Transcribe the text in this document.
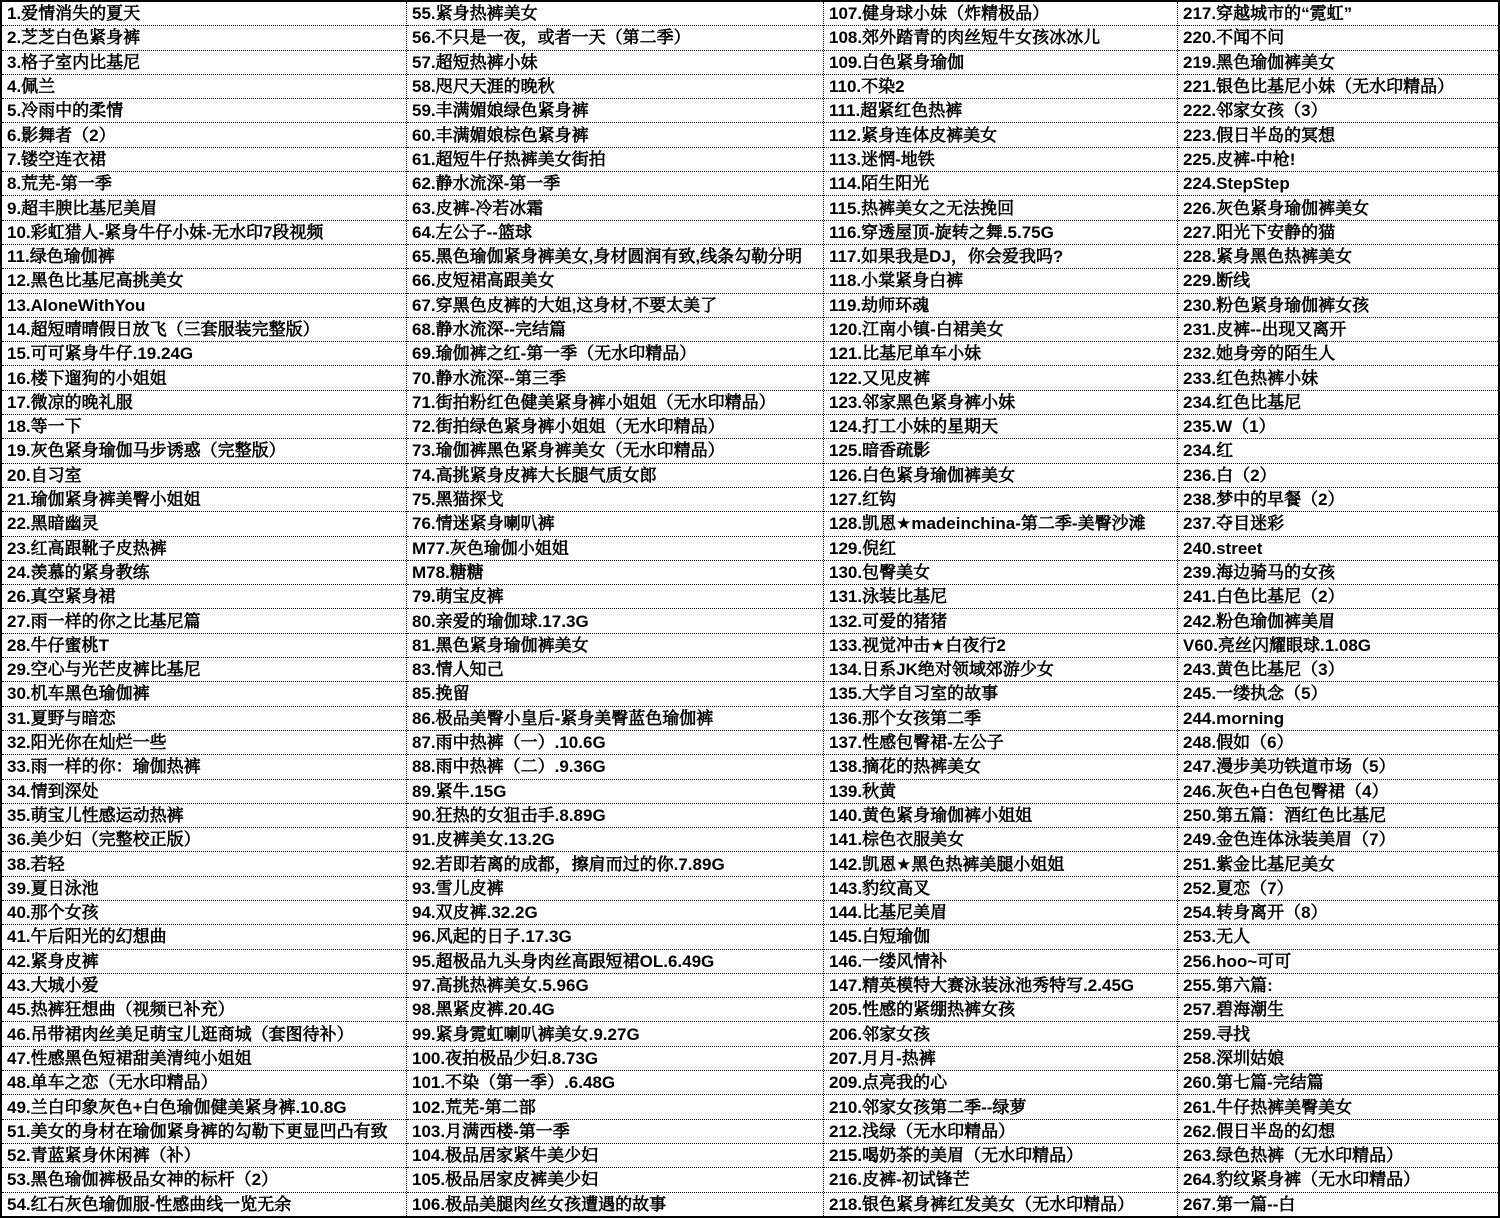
1.爱情消失的夏天
2.芝芝白色紧身裤
3.格子室内比基尼
4.佩兰
5.冷雨中的柔情
6.影舞者（2）
7.镂空连衣裙
8.荒芜-第一季
9.超丰腴比基尼美眉
10.彩虹猎人-紧身牛仔小妹-无水印7段视频
11.绿色瑜伽裤
12.黑色比基尼高挑美女
13.AloneWithYou
14.超短晴晴假日放飞（三套服装完整版）
15.可可紧身牛仔.19.24G
16.楼下遛狗的小姐姐
17.微凉的晚礼服
18.等一下
19.灰色紧身瑜伽马步诱惑（完整版）
20.自习室
21.瑜伽紧身裤美臀小姐姐
22.黑暗幽灵
23.红高跟靴子皮热裤
24.羡慕的紧身教练
26.真空紧身裙
27.雨一样的你之比基尼篇
28.牛仔蜜桃T
29.空心与光芒皮裤比基尼
30.机车黑色瑜伽裤
31.夏野与暗恋
32.阳光你在灿烂一些
33.雨一样的你：瑜伽热裤
34.情到深处
35.萌宝儿性感运动热裤
36.美少妇（完整校正版）
38.若轻
39.夏日泳池
40.那个女孩
41.午后阳光的幻想曲
42.紧身皮裤
43.大城小爱
45.热裤狂想曲（视频已补充）
46.吊带裙肉丝美足萌宝儿逛商城（套图待补）
47.性感黑色短裙甜美清纯小姐姐
48.单车之恋（无水印精品）
49.兰白印象灰色+白色瑜伽健美紧身裤.10.8G
51.美女的身材在瑜伽紧身裤的勾勒下更显凹凸有致
52.青蓝紧身休闲裤（补）
53.黑色瑜伽裤极品女神的标杆（2）
54.红石灰色瑜伽服-性感曲线一览无余
55.紧身热裤美女
56.不只是一夜，或者一天（第二季）
57.超短热裤小妹
58.咫尺天涯的晚秋
59.丰满媚娘绿色紧身裤
60.丰满媚娘棕色紧身裤
61.超短牛仔热裤美女街拍
62.静水流深-第一季
63.皮裤-冷若冰霜
64.左公子--篮球
65.黑色瑜伽紧身裤美女,身材圆润有致,线条勾勒分明
66.皮短裙高跟美女
67.穿黑色皮裤的大姐,这身材,不要太美了
68.静水流深--完结篇
69.瑜伽裤之红-第一季（无水印精品）
70.静水流深--第三季
71.街拍粉红色健美紧身裤小姐姐（无水印精品）
72.街拍绿色紧身裤小姐姐（无水印精品）
73.瑜伽裤黑色紧身裤美女（无水印精品）
74.高挑紧身皮裤大长腿气质女郎
75.黑猫探戈
76.情迷紧身喇叭裤
M77.灰色瑜伽小姐姐
M78.糖糖
79.萌宝皮裤
80.亲爱的瑜伽球.17.3G
81.黑色紧身瑜伽裤美女
83.情人知己
85.挽留
86.极品美臀小皇后-紧身美臀蓝色瑜伽裤
87.雨中热裤（一）.10.6G
88.雨中热裤（二）.9.36G
89.紧牛.15G
90.狂热的女狙击手.8.89G
91.皮裤美女.13.2G
92.若即若离的成都，擦肩而过的你.7.89G
93.雪儿皮裤
94.双皮裤.32.2G
96.风起的日子.17.3G
95.超极品九头身肉丝高跟短裙OL.6.49G
97.高挑热裤美女.5.96G
98.黑紧皮裤.20.4G
99.紧身霓虹喇叭裤美女.9.27G
100.夜拍极品少妇.8.73G
101.不染（第一季）.6.48G
102.荒芜-第二部
103.月满西楼-第一季
104.极品居家紧牛美少妇
105.极品居家皮裤美少妇
106.极品美腿肉丝女孩遭遇的故事
107.健身球小妹（炸精极品）
108.郊外踏青的肉丝短牛女孩冰冰儿
109.白色紧身瑜伽
110.不染2
111.超紧红色热裤
112.紧身连体皮裤美女
113.迷惘-地铁
114.陌生阳光
115.热裤美女之无法挽回
116.穿透屋顶-旋转之舞.5.75G
117.如果我是DJ，你会爱我吗?
118.小棠紧身白裤
119.劫师环魂
120.江南小镇-白裙美女
121.比基尼单车小妹
122.又见皮裤
123.邻家黑色紧身裤小妹
124.打工小妹的星期天
125.暗香疏影
126.白色紧身瑜伽裤美女
127.红钩
128.凯恩★madeinchina-第二季-美臀沙滩
129.倪红
130.包臀美女
131.泳装比基尼
132.可爱的猪猪
133.视觉冲击★白夜行2
134.日系JK绝对领域郊游少女
135.大学自习室的故事
136.那个女孩第二季
137.性感包臀裙-左公子
138.摘花的热裤美女
139.秋黄
140.黄色紧身瑜伽裤小姐姐
141.棕色衣服美女
142.凯恩★黑色热裤美腿小姐姐
143.豹纹高叉
144.比基尼美眉
145.白短瑜伽
146.一缕风情补
147.精英模特大赛泳装泳池秀特写.2.45G
205.性感的紧绷热裤女孩
206.邻家女孩
207.月月-热裤
209.点亮我的心
210.邻家女孩第二季--绿萝
212.浅绿（无水印精品）
215.喝奶茶的美眉（无水印精品）
216.皮裤-初试锋芒
218.银色紧身裤红发美女（无水印精品）
217.穿越城市的“霓虹”
220.不闻不问
219.黑色瑜伽裤美女
221.银色比基尼小妹（无水印精品）
222.邻家女孩（3）
223.假日半岛的冥想
225.皮裤-中枪!
224.StepStep
226.灰色紧身瑜伽裤美女
227.阳光下安静的猫
228.紧身黑色热裤美女
229.断线
230.粉色紧身瑜伽裤女孩
231.皮裤--出现又离开
232.她身旁的陌生人
233.红色热裤小妹
234.红色比基尼
235.W（1）
234.红
236.白（2）
238.梦中的早餐（2）
237.夺目迷彩
240.street
239.海边骑马的女孩
241.白色比基尼（2）
242.粉色瑜伽裤美眉
V60.亮丝闪耀眼球.1.08G
243.黄色比基尼（3）
245.一缕执念（5）
244.morning
248.假如（6）
247.漫步美功铁道市场（5）
246.灰色+白色包臀裙（4）
250.第五篇：酒红色比基尼
249.金色连体泳装美眉（7）
251.紫金比基尼美女
252.夏恋（7）
254.转身离开（8）
253.无人
256.hoo~可可
255.第六篇:
257.碧海潮生
259.寻找
258.深圳姑娘
260.第七篇-完结篇
261.牛仔热裤美臀美女
262.假日半岛的幻想
263.绿色热裤（无水印精品）
264.豹纹紧身裤（无水印精品）
267.第一篇--白
